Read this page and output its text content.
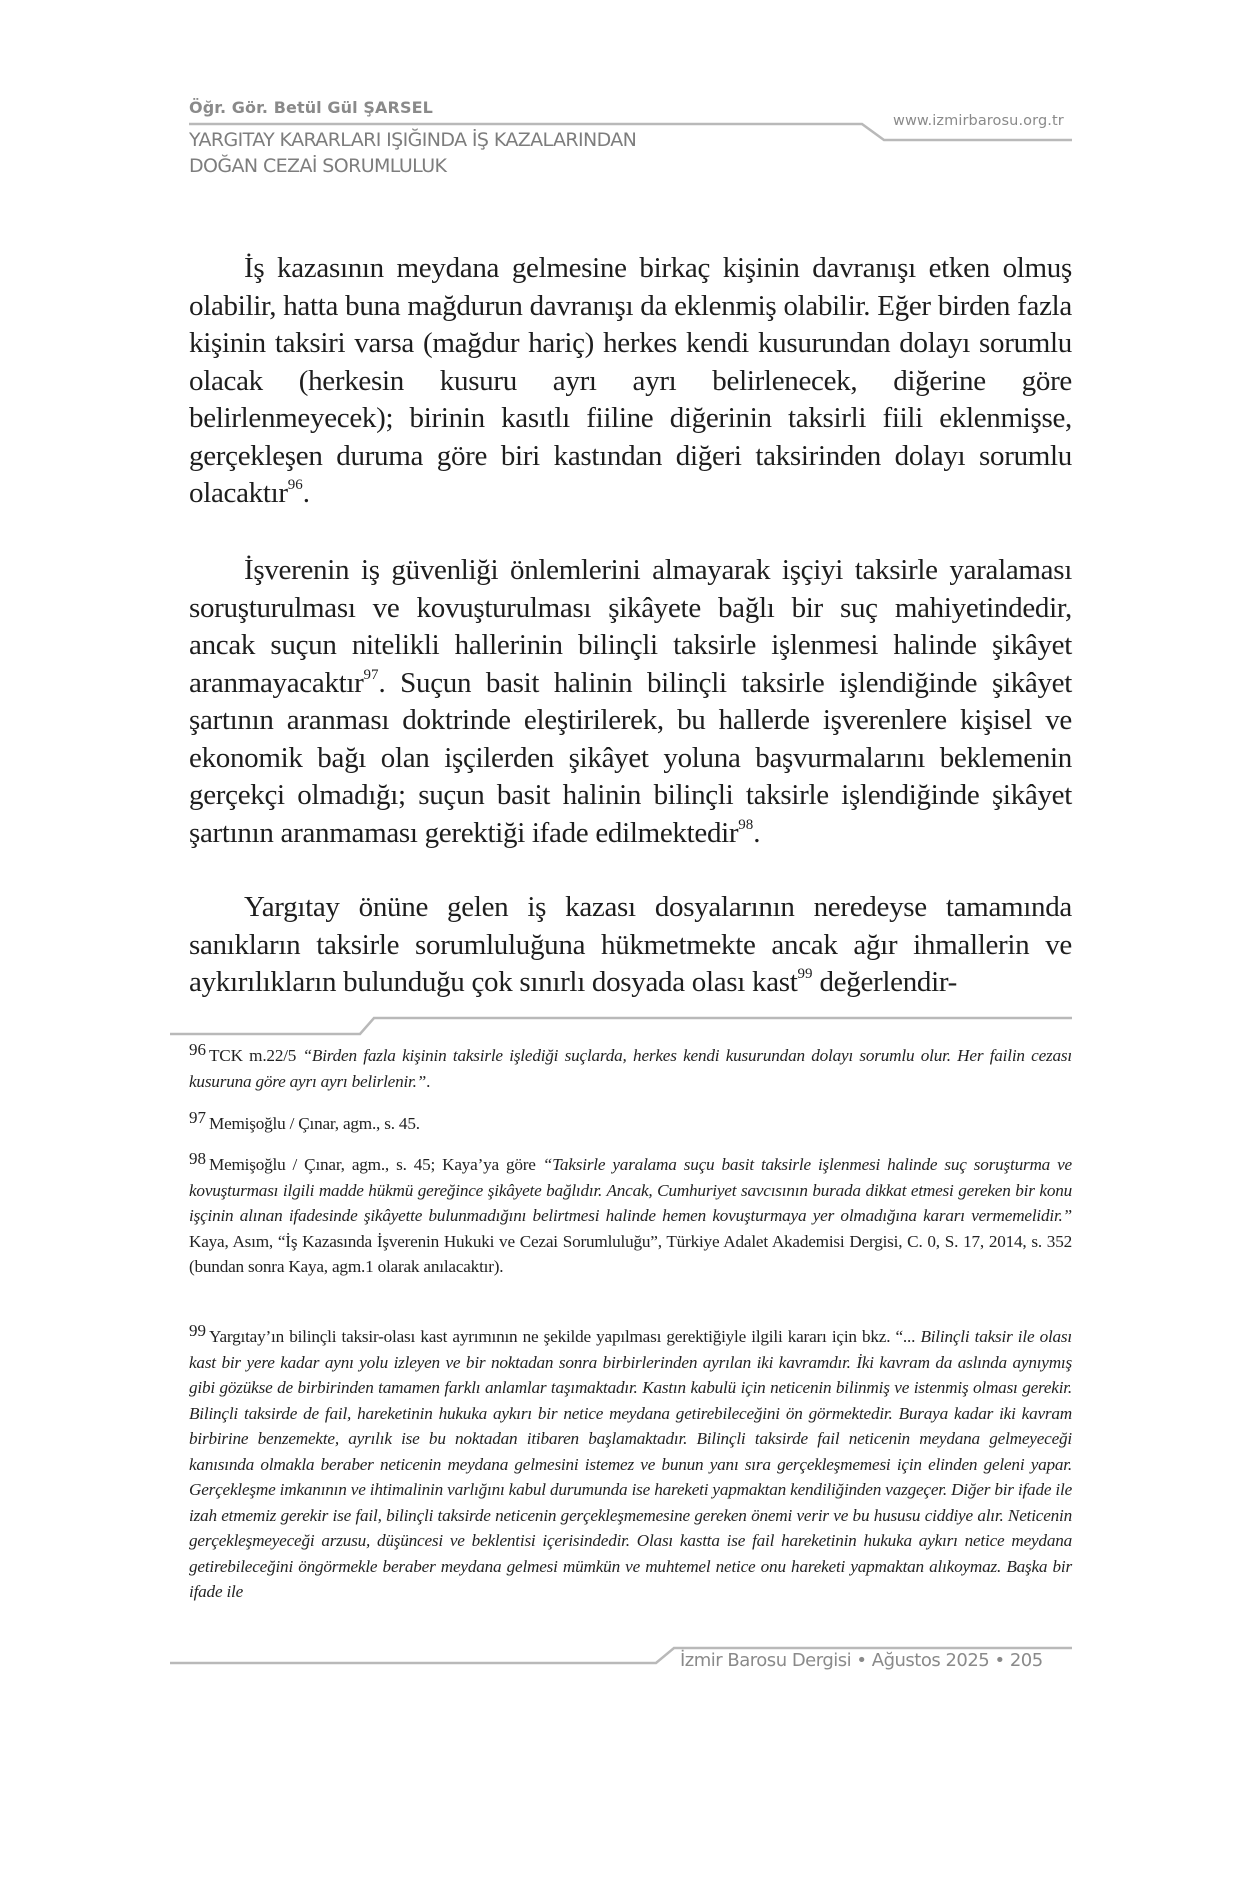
Öğr. Gör. Betül Gül ŞARSEL
YARGITAY KARARLARI IŞIĞINDA İŞ KAZALARINDAN
DOĞAN CEZAİ SORUMLULUK
www.izmirbarosu.org.tr
İş kazasının meydana gelmesine birkaç kişinin davranışı etken olmuş olabilir, hatta buna mağdurun davranışı da eklenmiş olabilir. Eğer birden fazla kişinin taksiri varsa (mağdur hariç) herkes kendi kusurundan dolayı sorumlu olacak (herkesin kusuru ayrı ayrı belirlenecek, diğerine göre belirlenmeyecek); birinin kasıtlı fiiline diğerinin taksirli fiili eklenmişse, gerçekleşen duruma göre biri kastından diğeri taksirinden dolayı sorumlu olacaktır$^{96}$.
İşverenin iş güvenliği önlemlerini almayarak işçiyi taksirle yaralaması soruşturulması ve kovuşturulması şikâyete bağlı bir suç mahiyetindedir, ancak suçun nitelikli hallerinin bilinçli taksirle işlenmesi halinde şikâyet aranmayacaktır$^{97}$. Suçun basit halinin bilinçli taksirle işlendiğinde şikâyet şartının aranması doktrinde eleştirilerek, bu hallerde işverenlere kişisel ve ekonomik bağı olan işçilerden şikâyet yoluna başvurmalarını beklemenin gerçekçi olmadığı; suçun basit halinin bilinçli taksirle işlendiğinde şikâyet şartının aranmaması gerektiği ifade edilmektedir$^{98}$.
Yargıtay önüne gelen iş kazası dosyalarının neredeyse tamamında sanıkların taksirle sorumluluğuna hükmetmekte ancak ağır ihmallerin ve aykırılıkların bulunduğu çok sınırlı dosyada olası kast$^{99}$ değerlendir-
96 TCK m.22/5 “Birden fazla kişinin taksirle işlediği suçlarda, herkes kendi kusurundan dolayı sorumlu olur. Her failin cezası kusuruna göre ayrı ayrı belirlenir.”.
97 Memişoğlu / Çınar, agm., s. 45.
98 Memişoğlu / Çınar, agm., s. 45; Kaya’ya göre “Taksirle yaralama suçu basit taksirle işlenmesi halinde suç soruşturma ve kovuşturması ilgili madde hükmü gereğince şikâyete bağlıdır. Ancak, Cumhuriyet savcısının burada dikkat etmesi gereken bir konu işçinin alınan ifadesinde şikâyette bulunmadığını belirtmesi halinde hemen kovuşturmaya yer olmadığına kararı vermemelidir.” Kaya, Asım, “İş Kazasında İşverenin Hukuki ve Cezai Sorumluluğu”, Türkiye Adalet Akademisi Dergisi, C. 0, S. 17, 2014, s. 352 (bundan sonra Kaya, agm.1 olarak anılacaktır).
99 Yargıtay’ın bilinçli taksir-olası kast ayrımının ne şekilde yapılması gerektiğiyle ilgili kararı için bkz. “... Bilinçli taksir ile olası kast bir yere kadar aynı yolu izleyen ve bir noktadan sonra birbirlerinden ayrılan iki kavramdır. İki kavram da aslında aynıymış gibi gözükse de birbirinden tamamen farklı anlamlar taşımaktadır. Kastın kabulü için neticenin bilinmiş ve istenmiş olması gerekir. Bilinçli taksirde de fail, hareketinin hukuka aykırı bir netice meydana getirebileceğini ön görmektedir. Buraya kadar iki kavram birbirine benzemekte, ayrılık ise bu noktadan itibaren başlamaktadır. Bilinçli taksirde fail neticenin meydana gelmeyeceği kanısında olmakla beraber neticenin meydana gelmesini istemez ve bunun yanı sıra gerçekleşmemesi için elinden geleni yapar. Gerçekleşme imkanının ve ihtimalinin varlığını kabul durumunda ise hareketi yapmaktan kendiliğinden vazgeçer. Diğer bir ifade ile izah etmemiz gerekir ise fail, bilinçli taksirde neticenin gerçekleşmemesine gereken önemi verir ve bu hususu ciddiye alır. Neticenin gerçekleşmeyeceği arzusu, düşüncesi ve beklentisi içerisindedir. Olası kastta ise fail hareketinin hukuka aykırı netice meydana getirebileceğini öngörmekle beraber meydana gelmesi mümkün ve muhtemel netice onu hareketi yapmaktan alıkoymaz. Başka bir ifade ile
İzmir Barosu Dergisi • Ağustos 2025 • 205
